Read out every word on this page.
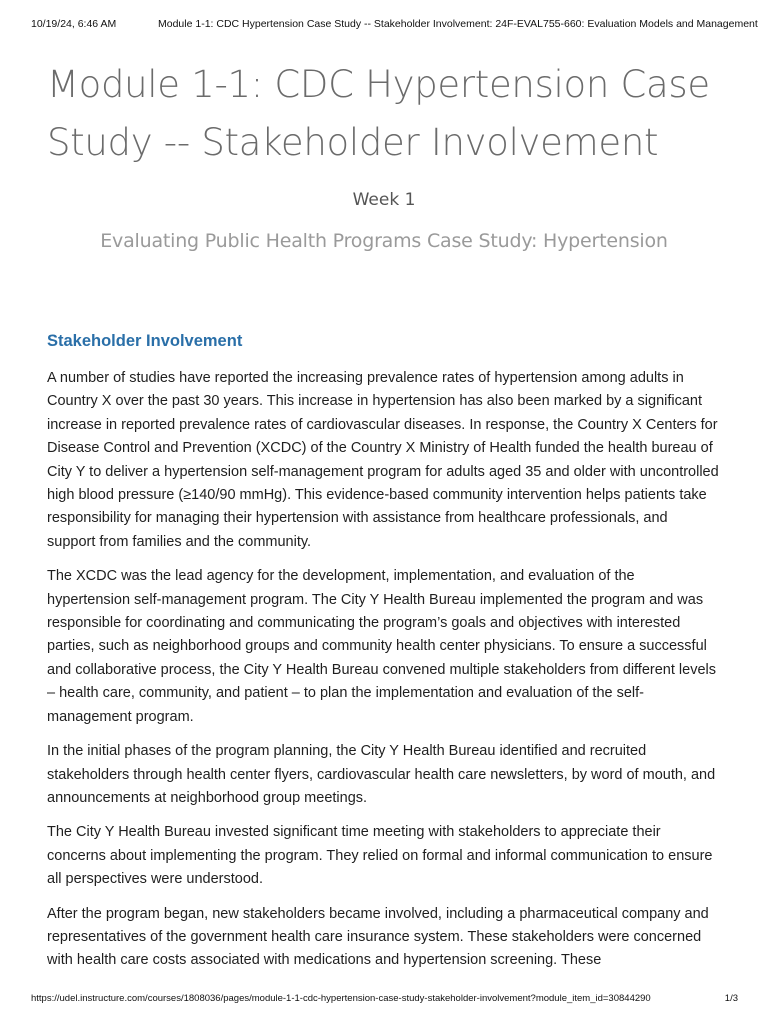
10/19/24, 6:46 AM	Module 1-1: CDC Hypertension Case Study -- Stakeholder Involvement: 24F-EVAL755-660: Evaluation Models and Management
Module 1-1: CDC Hypertension Case Study -- Stakeholder Involvement
Week 1
Evaluating Public Health Programs Case Study: Hypertension
Stakeholder Involvement

A number of studies have reported the increasing prevalence rates of hypertension among adults in Country X over the past 30 years. This increase in hypertension has also been marked by a significant increase in reported prevalence rates of cardiovascular diseases. In response, the Country X Centers for Disease Control and Prevention (XCDC) of the Country X Ministry of Health funded the health bureau of City Y to deliver a hypertension self-management program for adults aged 35 and older with uncontrolled high blood pressure (≥140/90 mmHg). This evidence-based community intervention helps patients take responsibility for managing their hypertension with assistance from healthcare professionals, and support from families and the community.

The XCDC was the lead agency for the development, implementation, and evaluation of the hypertension self-management program. The City Y Health Bureau implemented the program and was responsible for coordinating and communicating the program’s goals and objectives with interested parties, such as neighborhood groups and community health center physicians. To ensure a successful and collaborative process, the City Y Health Bureau convened multiple stakeholders from different levels – health care, community, and patient – to plan the implementation and evaluation of the self-management program.

In the initial phases of the program planning, the City Y Health Bureau identified and recruited stakeholders through health center flyers, cardiovascular health care newsletters, by word of mouth, and announcements at neighborhood group meetings.

The City Y Health Bureau invested significant time meeting with stakeholders to appreciate their concerns about implementing the program. They relied on formal and informal communication to ensure all perspectives were understood.

After the program began, new stakeholders became involved, including a pharmaceutical company and representatives of the government health care insurance system. These stakeholders were concerned with health care costs associated with medications and hypertension screening. These

https://udel.instructure.com/courses/1808036/pages/module-1-1-cdc-hypertension-case-study-stakeholder-involvement?module_item_id=30844290	1/3
